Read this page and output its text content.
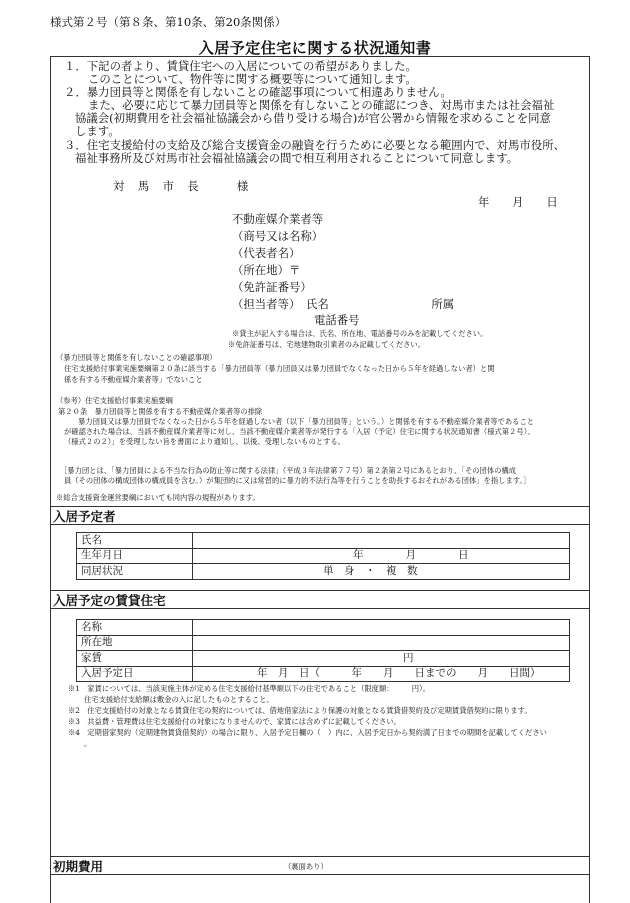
様式第２号（第８条、第10条、第20条関係）
入居予定住宅に関する状況通知書
１．下記の者より、賃貸住宅への入居についての希望がありました。
このことについて、物件等に関する概要等について通知します。
２．暴力団員等と関係を有しないことの確認事項について相違ありません。
また、必要に応じて暴力団員等と関係を有しないことの確認につき、対馬市または社会福祉
協議会(初期費用を社会福祉協議会から借り受ける場合)が官公署から情報を求めることを同意
します。
３．住宅支援給付の支給及び総合支援資金の融資を行うために必要となる範囲内で、対馬市役所、
福祉事務所及び対馬市社会福祉協議会の間で相互利用されることについて同意します。
対　馬　市　長　　　様
年　　月　　日
不動産媒介業者等
（商号又は名称）
（代表者名）
（所在地）〒
（免許証番号）
（担当者等）　氏名　　　　　　　　　所属
電話番号
※貸主が記入する場合は、氏名、所在地、電話番号のみを記載してください。
※免許証番号は、宅地建物取引業者のみ記載してください。
（暴力団員等と関係を有しないことの確認事項）
住宅支援給付事業実施要綱第２０条に該当する「暴力団員等（暴力団員又は暴力団員でなくなった日から５年を経過しない者）と関
係を有する不動産媒介業者等」でないこと
（参考）住宅支援給付事業実施要綱
第２０条　暴力団員等と関係を有する不動産媒介業者等の排除
暴力団員又は暴力団員でなくなった日から５年を経過しない者（以下「暴力団員等」という。）と関係を有する不動産媒介業者等であること
が確認された場合は、当該不動産媒介業者等に対し、当該不動産媒介業者等が発行する「入居（予定）住宅に関する状況通知書（様式第２号）、
（様式２の２）」を受理しない旨を書面により通知し、以後、受理しないものとする。
［暴力団とは、「暴力団員による不当な行為の防止等に関する法律」（平成３年法律第７７号）第２条第２号にあるとおり、「その団体の構成
員（その団体の構成団体の構成員を含む。）が集団的に又は常習的に暴力的不法行為等を行うことを助長するおそれがある団体」を指します。］
※総合支援資金運営要綱においても同内容の規程があります。
入居予定者
氏名	
生年月日	年　　　　月　　　　日
同居状況	単　身　・　複　数
入居予定の賃貸住宅
名称	
所在地	
家賃	円
入居予定日	年　月　日（　　　年　　月　　日までの　　月　　日間）
※1　家賃については、当該実施主体が定める住宅支援給付基準額以下の住宅であること（限度額：　　　円）。
住宅支援給付支給額は敷金の入に記したものとすること。
※2　住宅支援給付の対象となる賃貸住宅の契約については、借地借家法により保護の対象となる賃貸借契約及び定期賃貸借契約に限ります。
※3　共益費・管理費は住宅支援給付の対象になりませんので、家賃には含めずに記載してください。
※4　定期借家契約（定期建物賃貸借契約）の場合に限り、入居予定日欄の（　）内に、入居予定日から契約満了日までの期間を記載してください
。
初期費用	（裏面あり）
